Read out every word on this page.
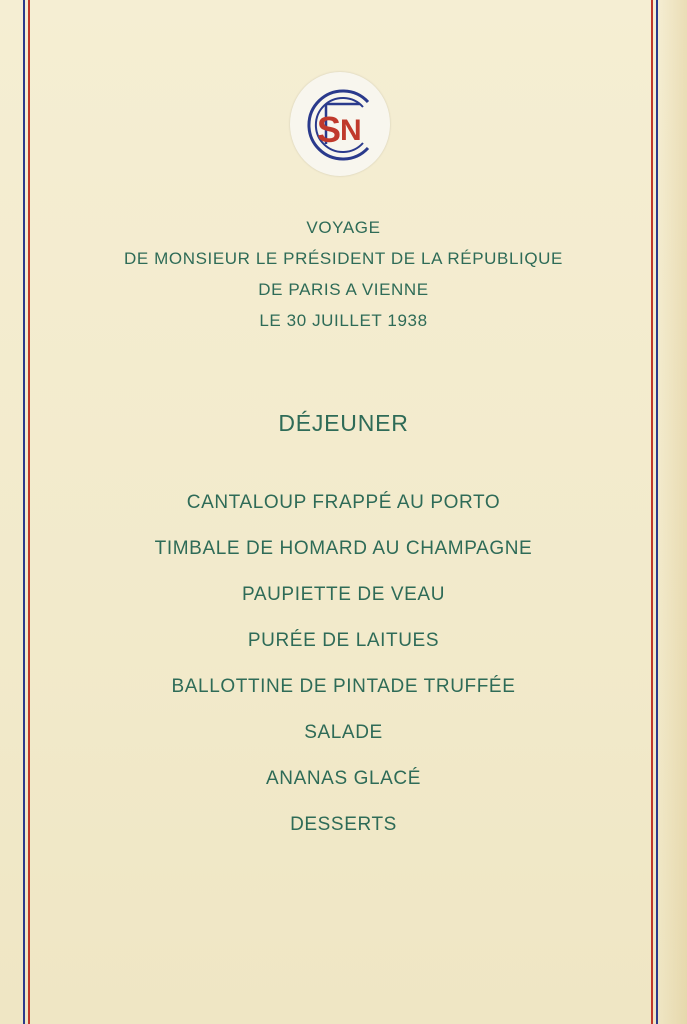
S
N
VOYAGE
DE MONSIEUR LE PRÉSIDENT DE LA RÉPUBLIQUE
DE PARIS A VIENNE
LE 30 JUILLET 1938
DÉJEUNER
CANTALOUP FRAPPÉ AU PORTO
TIMBALE DE HOMARD AU CHAMPAGNE
PAUPIETTE DE VEAU
PURÉE DE LAITUES
BALLOTTINE DE PINTADE TRUFFÉE
SALADE
ANANAS GLACÉ
DESSERTS
